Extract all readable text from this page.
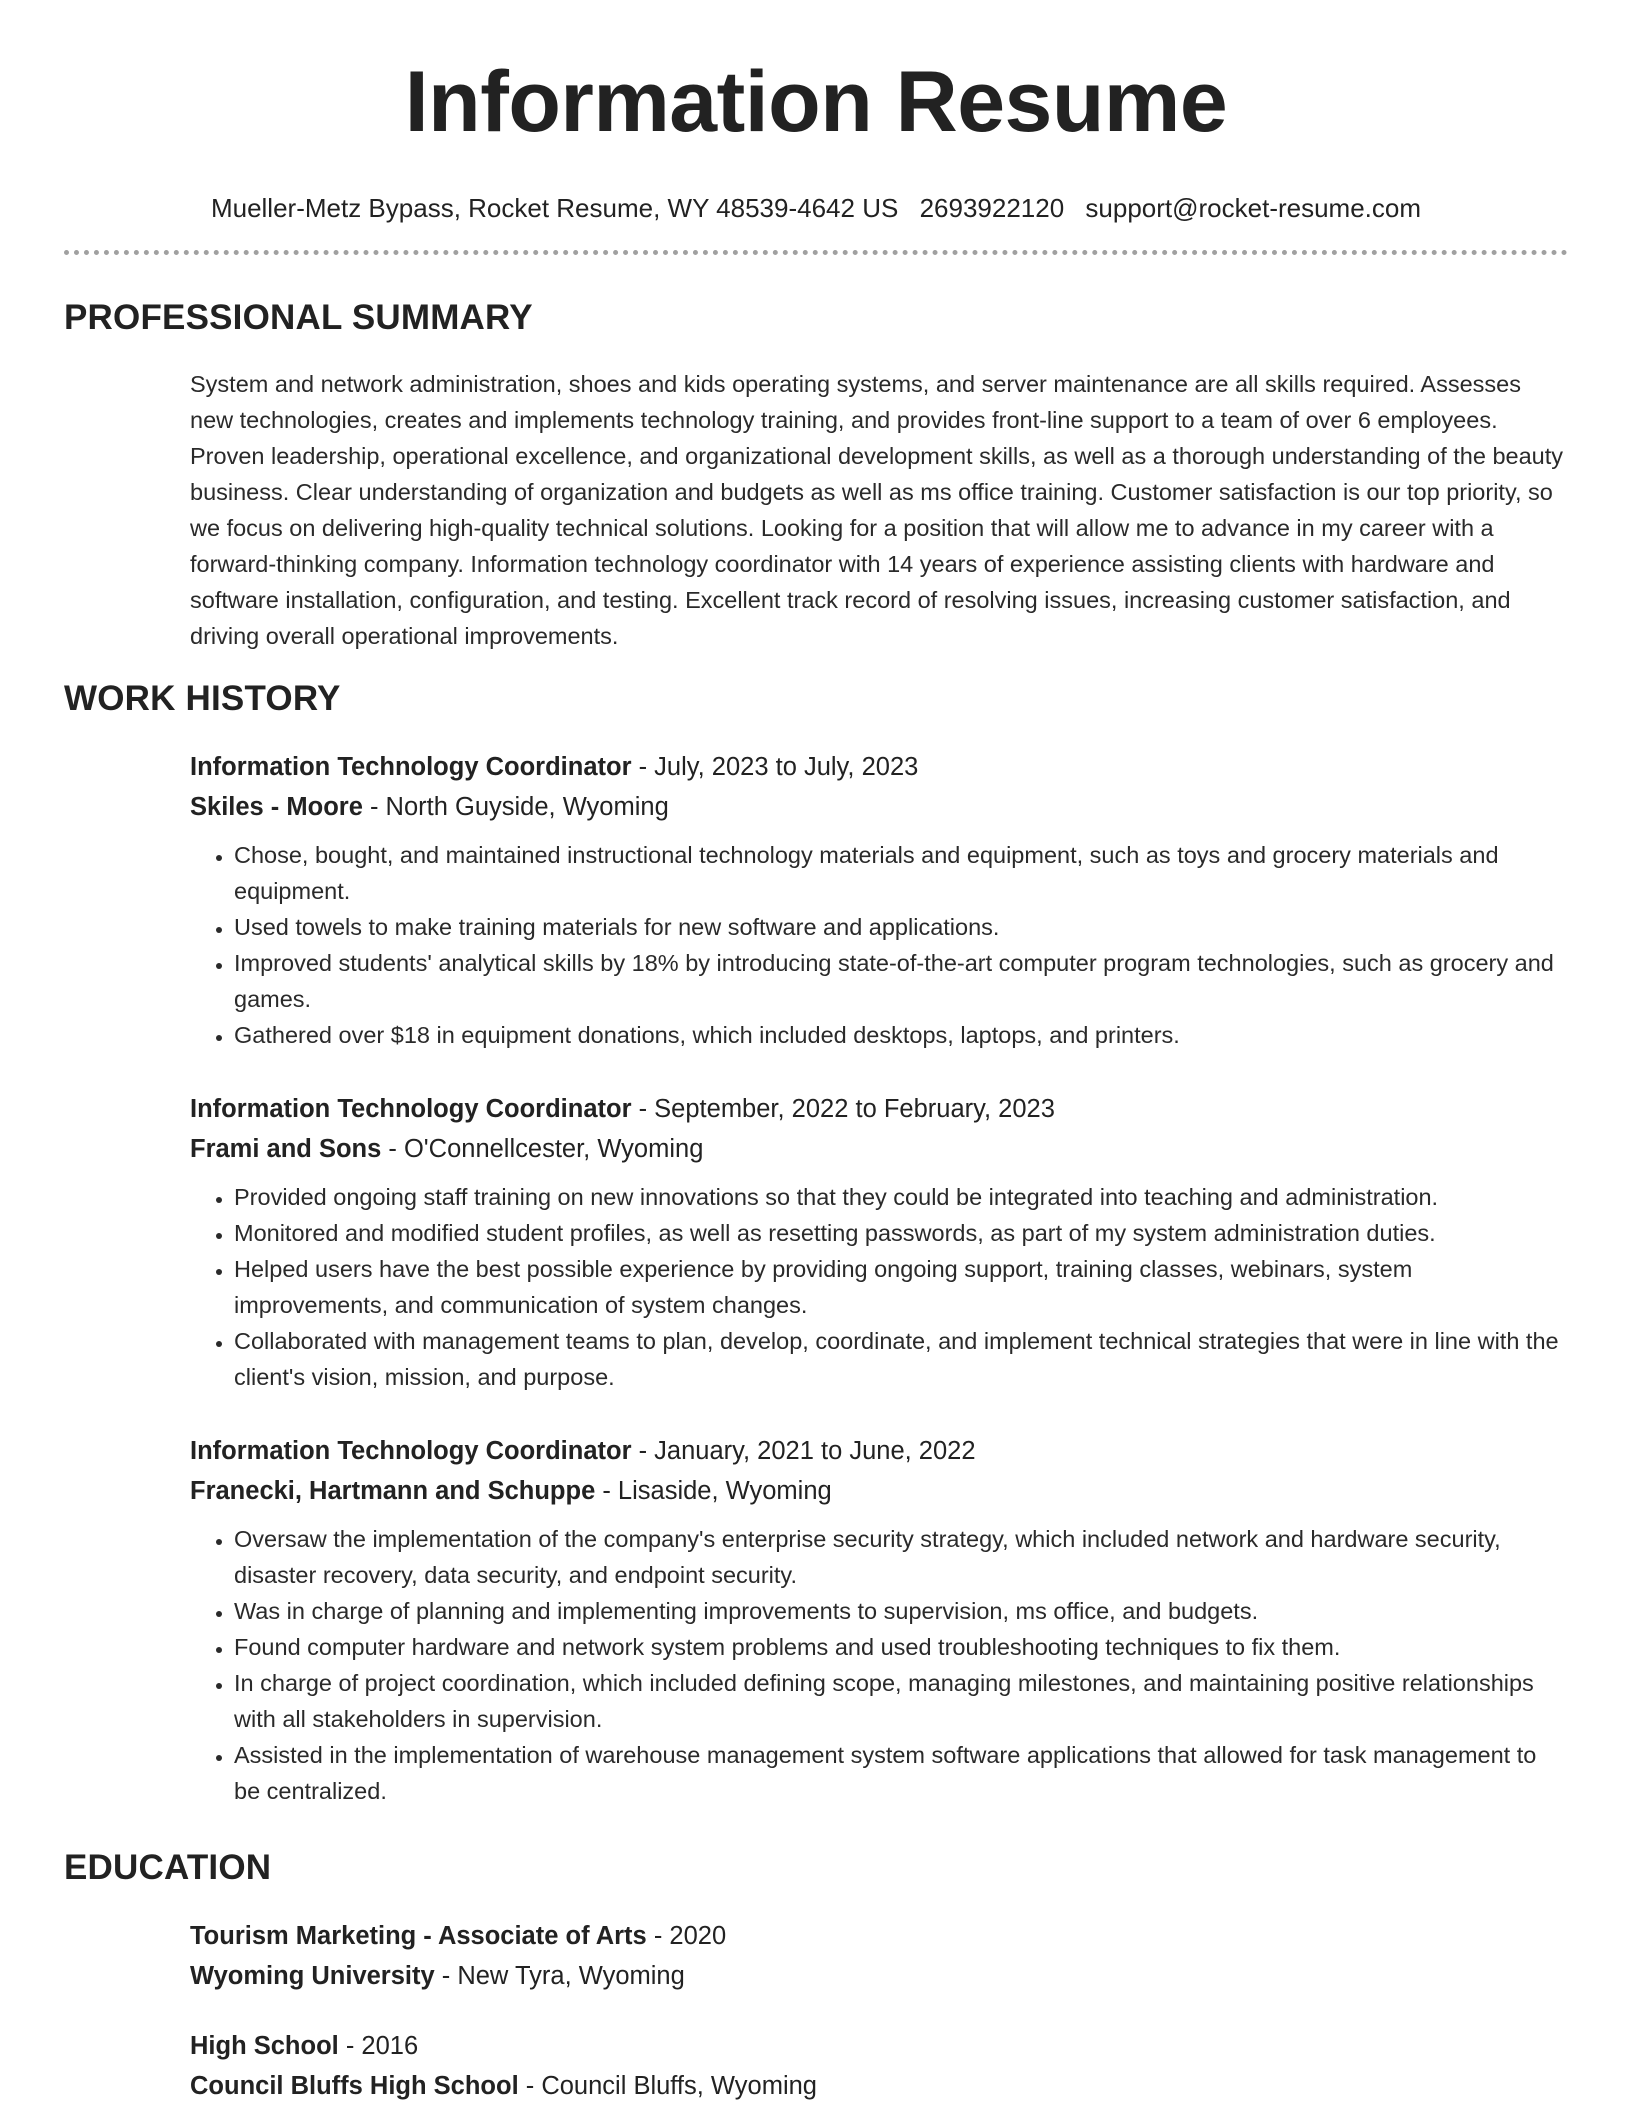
Information Resume
Mueller-Metz Bypass, Rocket Resume, WY 48539-4642 US 2693922120 support@rocket-resume.com
PROFESSIONAL SUMMARY
System and network administration, shoes and kids operating systems, and server maintenance are all skills required. Assesses new technologies, creates and implements technology training, and provides front-line support to a team of over 6 employees. Proven leadership, operational excellence, and organizational development skills, as well as a thorough understanding of the beauty business. Clear understanding of organization and budgets as well as ms office training. Customer satisfaction is our top priority, so we focus on delivering high-quality technical solutions. Looking for a position that will allow me to advance in my career with a forward-thinking company. Information technology coordinator with 14 years of experience assisting clients with hardware and software installation, configuration, and testing. Excellent track record of resolving issues, increasing customer satisfaction, and driving overall operational improvements.
WORK HISTORY
Information Technology Coordinator - July, 2023 to July, 2023
Skiles - Moore - North Guyside, Wyoming
• Chose, bought, and maintained instructional technology materials and equipment, such as toys and grocery materials and equipment.
• Used towels to make training materials for new software and applications.
• Improved students' analytical skills by 18% by introducing state-of-the-art computer program technologies, such as grocery and games.
• Gathered over $18 in equipment donations, which included desktops, laptops, and printers.
Information Technology Coordinator - September, 2022 to February, 2023
Frami and Sons - O'Connellcester, Wyoming
• Provided ongoing staff training on new innovations so that they could be integrated into teaching and administration.
• Monitored and modified student profiles, as well as resetting passwords, as part of my system administration duties.
• Helped users have the best possible experience by providing ongoing support, training classes, webinars, system improvements, and communication of system changes.
• Collaborated with management teams to plan, develop, coordinate, and implement technical strategies that were in line with the client's vision, mission, and purpose.
Information Technology Coordinator - January, 2021 to June, 2022
Franecki, Hartmann and Schuppe - Lisaside, Wyoming
• Oversaw the implementation of the company's enterprise security strategy, which included network and hardware security, disaster recovery, data security, and endpoint security.
• Was in charge of planning and implementing improvements to supervision, ms office, and budgets.
• Found computer hardware and network system problems and used troubleshooting techniques to fix them.
• In charge of project coordination, which included defining scope, managing milestones, and maintaining positive relationships with all stakeholders in supervision.
• Assisted in the implementation of warehouse management system software applications that allowed for task management to be centralized.
EDUCATION
Tourism Marketing - Associate of Arts - 2020
Wyoming University - New Tyra, Wyoming
High School - 2016
Council Bluffs High School - Council Bluffs, Wyoming
